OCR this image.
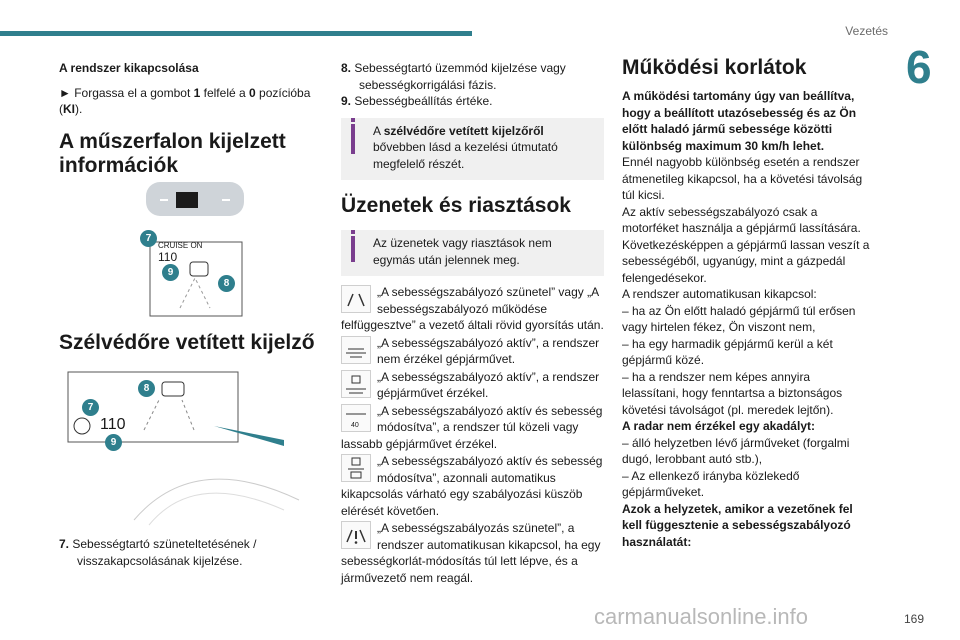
Vezetés
6

A rendszer kikapcsolása

► Forgassa el a gombot 1 felfelé a 0 pozícióba (KI).

A műszerfalon kijelzett információk
CRUISE ON
110
7
9
8
Szélvédőre vetített kijelző
110
8
7
9

7. Sebességtartó szüneteltetésének / visszakapcsolásának kijelzése.

8. Sebességtartó üzemmód kijelzése vagy sebességkorrigálási fázis.

9. Sebességbeállítás értéke.

A szélvédőre vetített kijelzőről bővebben lásd a kezelési útmutató megfelelő részét.
Üzenetek és riasztások
Az üzenetek vagy riasztások nem egymás után jelennek meg.

„A sebességszabályozó szünetel” vagy „A sebességszabályozó működése felfüggesztve” a vezető általi rövid gyorsítás után.

„A sebességszabályozó aktív”, a rendszer nem érzékel gépjárművet.

„A sebességszabályozó aktív”, a rendszer gépjárművet érzékel.

40

„A sebességszabályozó aktív és sebesség módosítva”, a rendszer túl közeli vagy lassabb gépjárművet érzékel.

„A sebességszabályozó aktív és sebesség módosítva”, azonnali automatikus kikapcsolás várható egy szabályozási küszöb elérését követően.

„A sebességszabályozás szünetel”, a rendszer automatikusan kikapcsol, ha egy sebességkorlát-módosítás túl lett lépve, és a járművezető nem reagál.

Működési korlátok

A működési tartomány úgy van beállítva, hogy a beállított utazósebesség és az Ön előtt haladó jármű sebessége közötti különbség maximum 30 km/h lehet.

Ennél nagyobb különbség esetén a rendszer átmenetileg kikapcsol, ha a követési távolság túl kicsi.

Az aktív sebességszabályozó csak a motorféket használja a gépjármű lassítására.

Következésképpen a gépjármű lassan veszít a sebességéből, ugyanúgy, mint a gázpedál felengedésekor.

A rendszer automatikusan kikapcsol:

– ha az Ön előtt haladó gépjármű túl erősen vagy hirtelen fékez, Ön viszont nem,

– ha egy harmadik gépjármű kerül a két gépjármű közé.

– ha a rendszer nem képes annyira lelassítani, hogy fenntartsa a biztonságos követési távolságot (pl. meredek lejtőn).

A radar nem érzékel egy akadályt:

– álló helyzetben lévő járműveket (forgalmi dugó, lerobbant autó stb.),

– Az ellenkező irányba közlekedő gépjárműveket.

Azok a helyzetek, amikor a vezetőnek fel kell függesztenie a sebességszabályozó használatát:

carmanualsonline.info	169
